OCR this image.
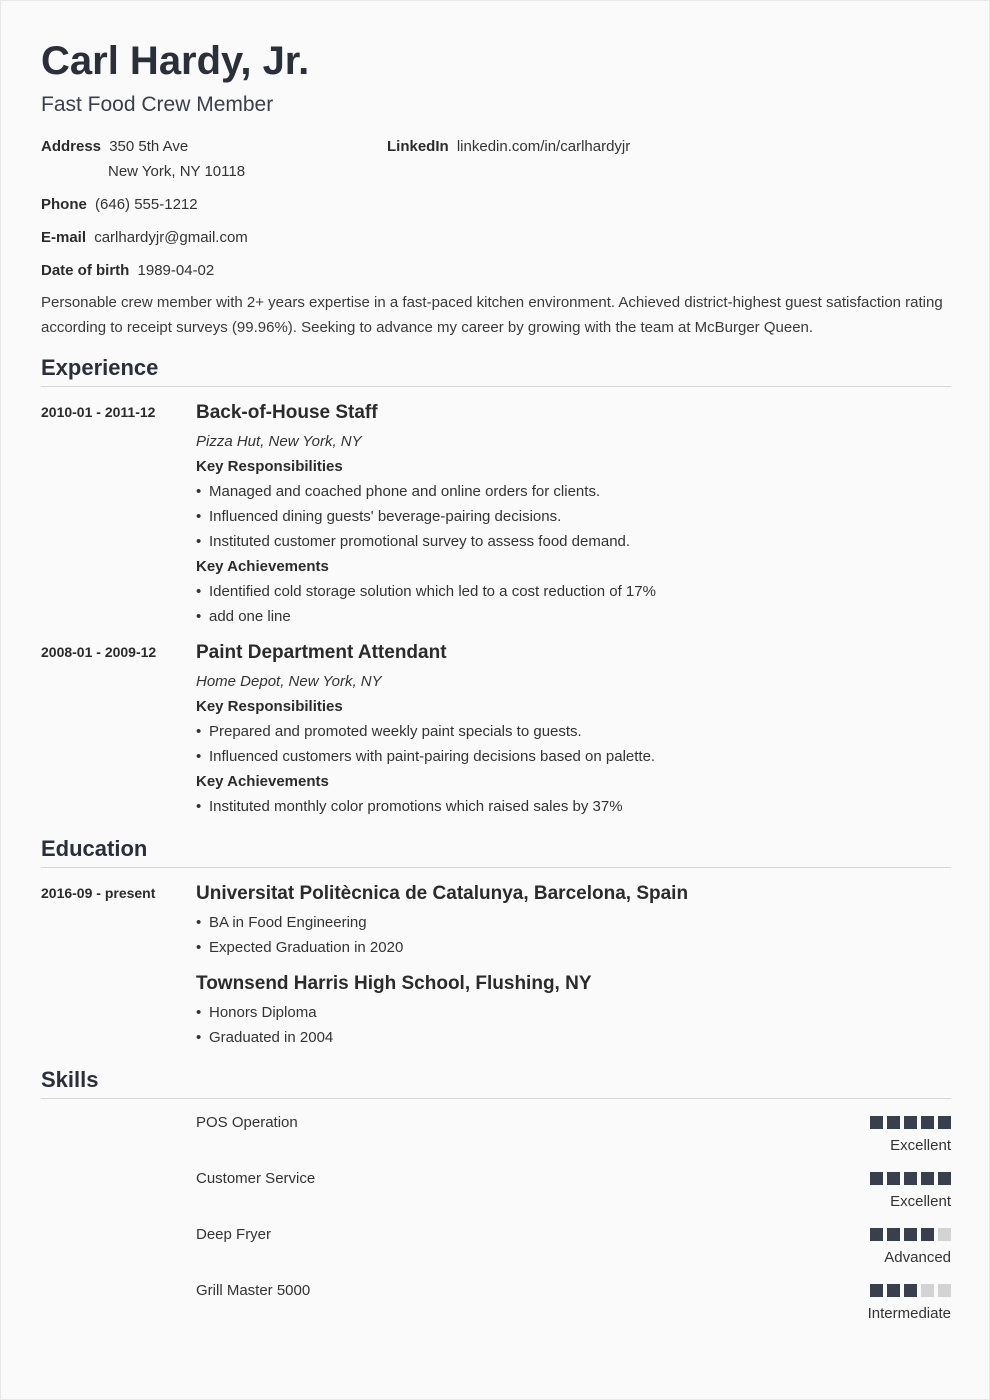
Carl Hardy, Jr.
Fast Food Crew Member
Address 350 5th Ave
New York, NY 10118
LinkedIn linkedin.com/in/carlhardyjr
Phone (646) 555-1212
E-mail carlhardyjr@gmail.com
Date of birth 1989-04-02
Personable crew member with 2+ years expertise in a fast-paced kitchen environment. Achieved district-highest guest satisfaction rating according to receipt surveys (99.96%). Seeking to advance my career by growing with the team at McBurger Queen.
Experience
2010-01 - 2011-12 Back-of-House Staff
Pizza Hut, New York, NY
Key Responsibilities
• Managed and coached phone and online orders for clients.
• Influenced dining guests' beverage-pairing decisions.
• Instituted customer promotional survey to assess food demand.
Key Achievements
• Identified cold storage solution which led to a cost reduction of 17%
• add one line
2008-01 - 2009-12 Paint Department Attendant
Home Depot, New York, NY
Key Responsibilities
• Prepared and promoted weekly paint specials to guests.
• Influenced customers with paint-pairing decisions based on palette.
Key Achievements
• Instituted monthly color promotions which raised sales by 37%
Education
2016-09 - present Universitat Politècnica de Catalunya, Barcelona, Spain
• BA in Food Engineering
• Expected Graduation in 2020
Townsend Harris High School, Flushing, NY
• Honors Diploma
• Graduated in 2004
Skills
POS Operation
Excellent
Customer Service
Excellent
Deep Fryer
Advanced
Grill Master 5000
Intermediate
